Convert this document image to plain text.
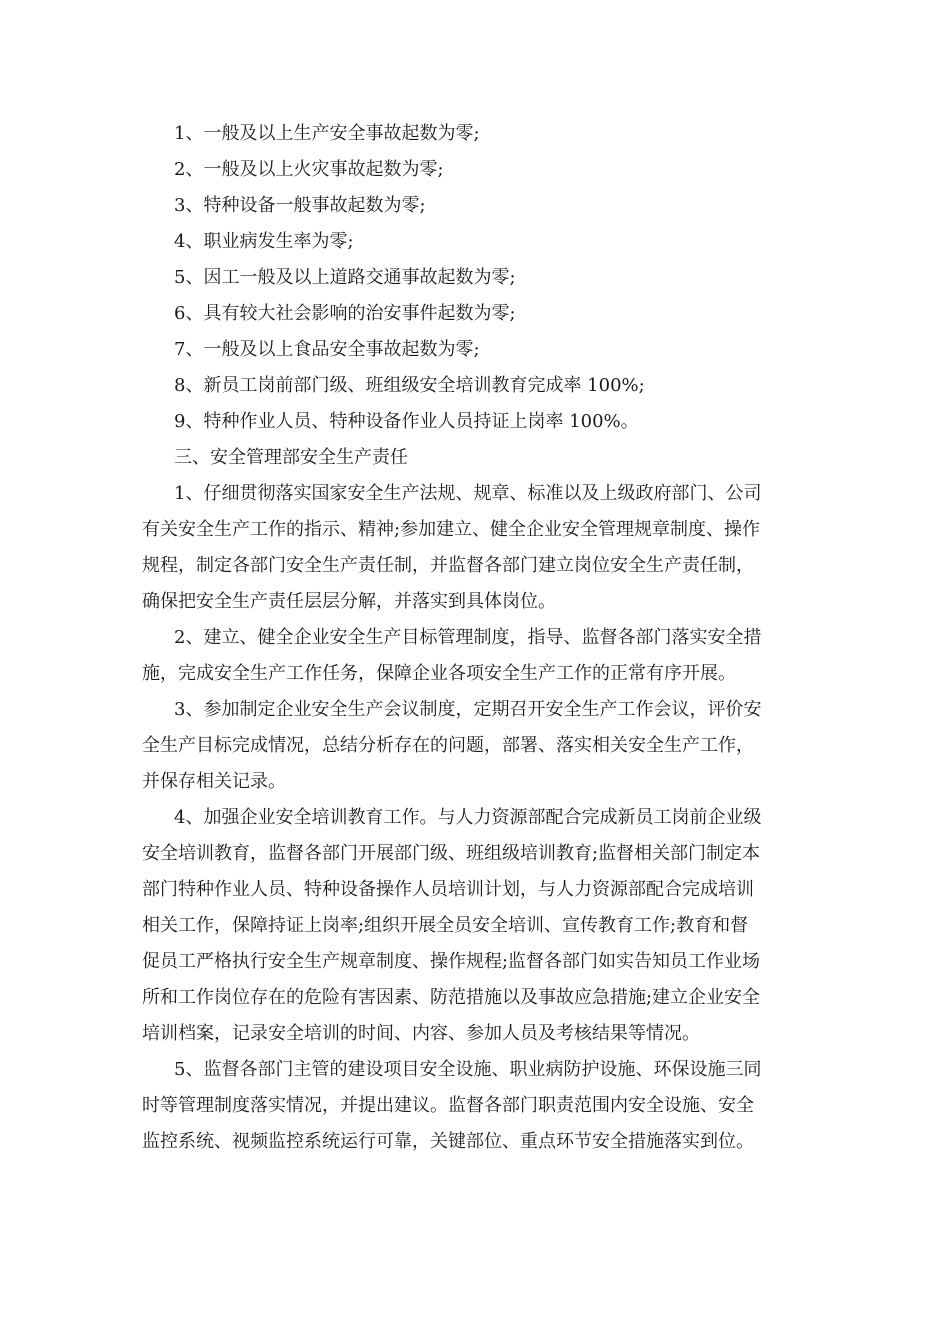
1、一般及以上生产安全事故起数为零;
2、一般及以上火灾事故起数为零;
3、特种设备一般事故起数为零;
4、职业病发生率为零;
5、因工一般及以上道路交通事故起数为零;
6、具有较大社会影响的治安事件起数为零;
7、一般及以上食品安全事故起数为零;
8、新员工岗前部门级、班组级安全培训教育完成率 100%;
9、特种作业人员、特种设备作业人员持证上岗率 100%。
三、安全管理部安全生产责任
1、仔细贯彻落实国家安全生产法规、规章、标准以及上级政府部门、公司
有关安全生产工作的指示、精神;参加建立、健全企业安全管理规章制度、操作
规程，制定各部门安全生产责任制，并监督各部门建立岗位安全生产责任制，
确保把安全生产责任层层分解，并落实到具体岗位。
2、建立、健全企业安全生产目标管理制度，指导、监督各部门落实安全措
施，完成安全生产工作任务，保障企业各项安全生产工作的正常有序开展。
3、参加制定企业安全生产会议制度，定期召开安全生产工作会议，评价安
全生产目标完成情况，总结分析存在的问题，部署、落实相关安全生产工作，
并保存相关记录。
4、加强企业安全培训教育工作。与人力资源部配合完成新员工岗前企业级
安全培训教育，监督各部门开展部门级、班组级培训教育;监督相关部门制定本
部门特种作业人员、特种设备操作人员培训计划，与人力资源部配合完成培训
相关工作，保障持证上岗率;组织开展全员安全培训、宣传教育工作;教育和督
促员工严格执行安全生产规章制度、操作规程;监督各部门如实告知员工作业场
所和工作岗位存在的危险有害因素、防范措施以及事故应急措施;建立企业安全
培训档案，记录安全培训的时间、内容、参加人员及考核结果等情况。
5、监督各部门主管的建设项目安全设施、职业病防护设施、环保设施三同
时等管理制度落实情况，并提出建议。监督各部门职责范围内安全设施、安全
监控系统、视频监控系统运行可靠，关键部位、重点环节安全措施落实到位。
